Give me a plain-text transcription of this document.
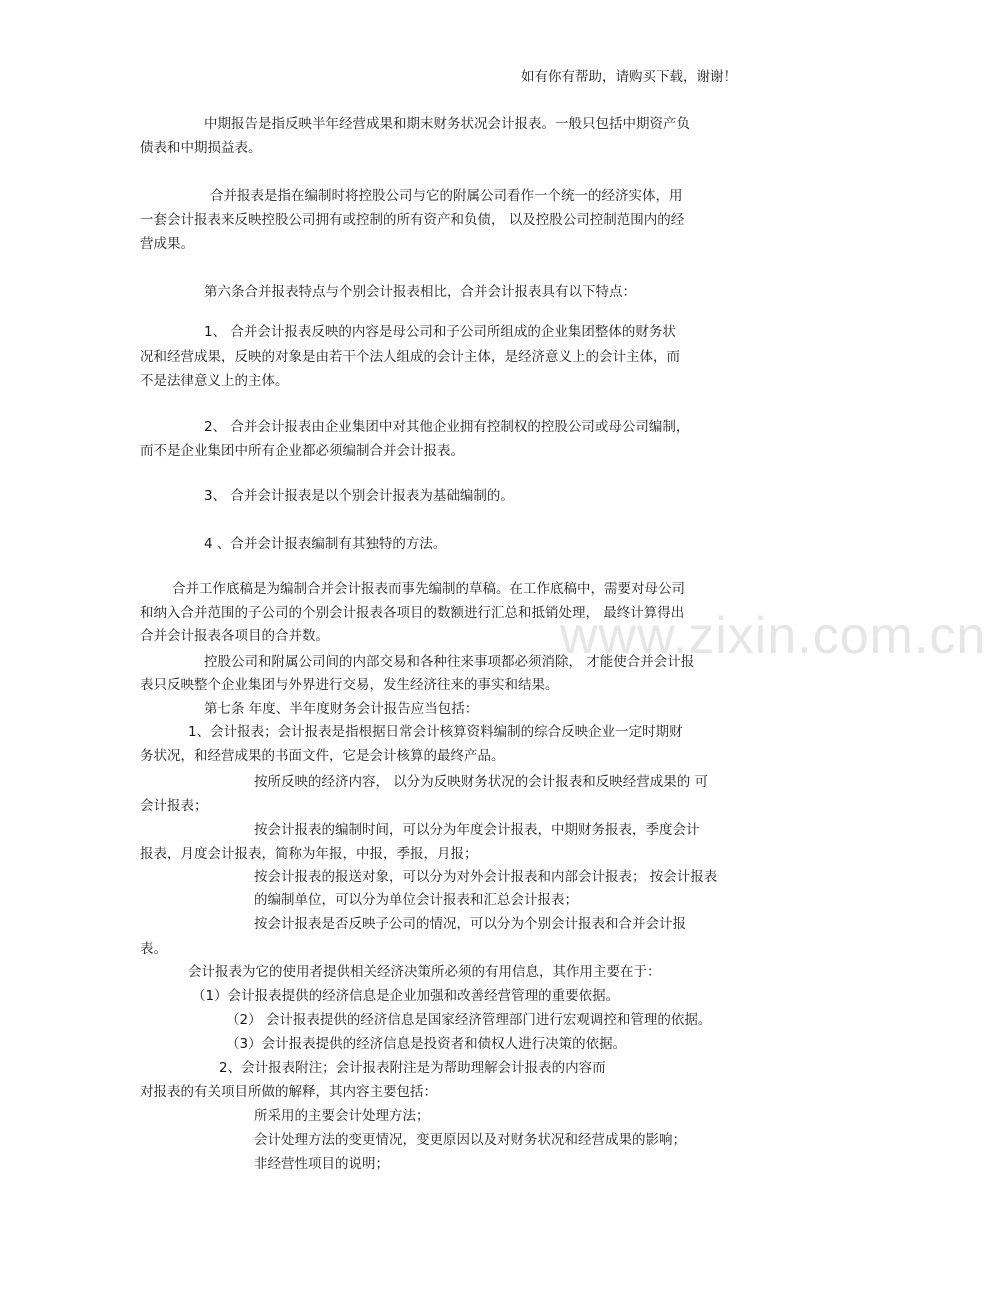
www.zixin.com.cn
如有你有帮助，请购买下载，谢谢！
中期报告是指反映半年经营成果和期末财务状况会计报表。一般只包括中期资产负
债表和中期损益表。
合并报表是指在编制时将控股公司与它的附属公司看作一个统一的经济实体，用
一套会计报表来反映控股公司拥有或控制的所有资产和负债， 以及控股公司控制范围内的经
营成果。
第六条合并报表特点与个别会计报表相比，合并会计报表具有以下特点：
1、 合并会计报表反映的内容是母公司和子公司所组成的企业集团整体的财务状
况和经营成果，反映的对象是由若干个法人组成的会计主体，是经济意义上的会计主体，而
不是法律意义上的主体。
2、 合并会计报表由企业集团中对其他企业拥有控制权的控股公司或母公司编制，
而不是企业集团中所有企业都必须编制合并会计报表。
3、 合并会计报表是以个别会计报表为基础编制的。
4 、合并会计报表编制有其独特的方法。
合并工作底稿是为编制合并会计报表而事先编制的草稿。在工作底稿中，需要对母公司
和纳入合并范围的子公司的个别会计报表各项目的数额进行汇总和抵销处理， 最终计算得出
合并会计报表各项目的合并数。
控股公司和附属公司间的内部交易和各种往来事项都必须消除， 才能使合并会计报
表只反映整个企业集团与外界进行交易，发生经济往来的事实和结果。
第七条 年度、半年度财务会计报告应当包括：
1、会计报表；会计报表是指根据日常会计核算资料编制的综合反映企业一定时期财
务状况，和经营成果的书面文件，它是会计核算的最终产品。
按所反映的经济内容， 以分为反映财务状况的会计报表和反映经营成果的 可
会计报表；
按会计报表的编制时间，可以分为年度会计报表，中期财务报表，季度会计
报表，月度会计报表，简称为年报，中报，季报，月报；
按会计报表的报送对象，可以分为对外会计报表和内部会计报表； 按会计报表
的编制单位，可以分为单位会计报表和汇总会计报表；
按会计报表是否反映子公司的情况，可以分为个别会计报表和合并会计报
表。
会计报表为它的使用者提供相关经济决策所必须的有用信息，其作用主要在于：
（1）会计报表提供的经济信息是企业加强和改善经营管理的重要依据。
（2） 会计报表提供的经济信息是国家经济管理部门进行宏观调控和管理的依据。
（3）会计报表提供的经济信息是投资者和债权人进行决策的依据。
2、会计报表附注；会计报表附注是为帮助理解会计报表的内容而
对报表的有关项目所做的解释，其内容主要包括：
所采用的主要会计处理方法；
会计处理方法的变更情况，变更原因以及对财务状况和经营成果的影响；
非经营性项目的说明；
